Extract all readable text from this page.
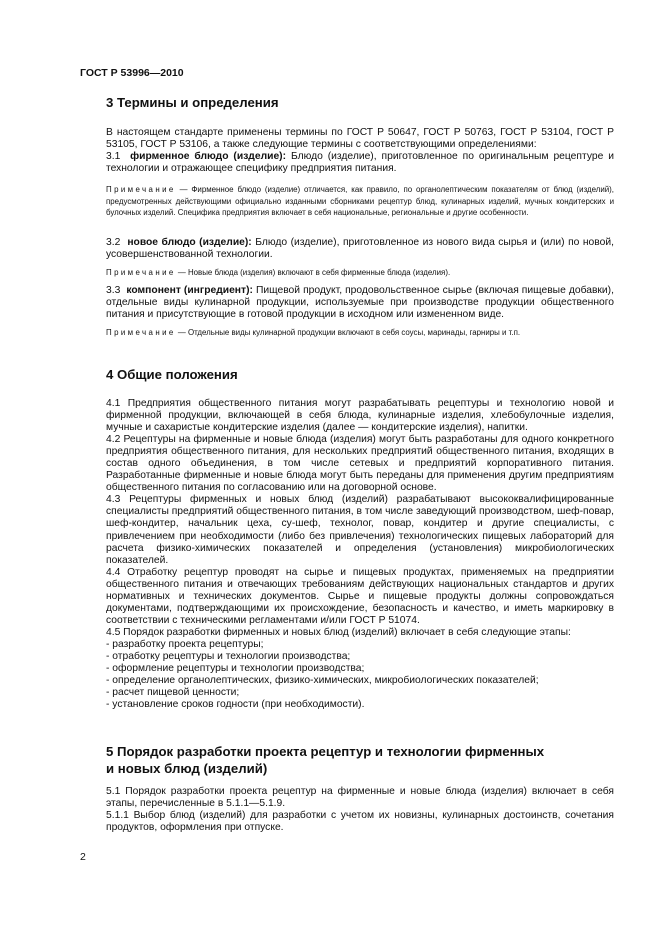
ГОСТ Р 53996—2010
3 Термины и определения

В настоящем стандарте применены термины по ГОСТ Р 50647, ГОСТ Р 50763, ГОСТ Р 53104, ГОСТ Р 53105, ГОСТ Р 53106, а также следующие термины с соответствующими определениями:

3.1 фирменное блюдо (изделие): Блюдо (изделие), приготовленное по оригинальным рецептуре и технологии и отражающее специфику предприятия питания.

Примечание — Фирменное блюдо (изделие) отличается, как правило, по органолептическим показателям от блюд (изделий), предусмотренных действующими официально изданными сборниками рецептур блюд, кулинарных изделий, мучных кондитерских и булочных изделий. Специфика предприятия включает в себя национальные, региональные и другие особенности.

3.2 новое блюдо (изделие): Блюдо (изделие), приготовленное из нового вида сырья и (или) по новой, усовершенствованной технологии.

Примечание — Новые блюда (изделия) включают в себя фирменные блюда (изделия).

3.3 компонент (ингредиент): Пищевой продукт, продовольственное сырье (включая пищевые добавки), отдельные виды кулинарной продукции, используемые при производстве продукции общественного питания и присутствующие в готовой продукции в исходном или измененном виде.

Примечание — Отдельные виды кулинарной продукции включают в себя соусы, маринады, гарниры и т.п.

4 Общие положения

4.1 Предприятия общественного питания могут разрабатывать рецептуры и технологию новой и фирменной продукции, включающей в себя блюда, кулинарные изделия, хлебобулочные изделия, мучные и сахаристые кондитерские изделия (далее — кондитерские изделия), напитки.

4.2 Рецептуры на фирменные и новые блюда (изделия) могут быть разработаны для одного конкретного предприятия общественного питания, для нескольких предприятий общественного питания, входящих в состав одного объединения, в том числе сетевых и предприятий корпоративного питания. Разработанные фирменные и новые блюда могут быть переданы для применения другим предприятиям общественного питания по согласованию или на договорной основе.

4.3 Рецептуры фирменных и новых блюд (изделий) разрабатывают высококвалифицированные специалисты предприятий общественного питания, в том числе заведующий производством, шеф-повар, шеф-кондитер, начальник цеха, су-шеф, технолог, повар, кондитер и другие специалисты, с привлечением при необходимости (либо без привлечения) технологических пищевых лабораторий для расчета физико-химических показателей и определения (установления) микробиологических показателей.

4.4 Отработку рецептур проводят на сырье и пищевых продуктах, применяемых на предприятии общественного питания и отвечающих требованиям действующих национальных стандартов и других нормативных и технических документов. Сырье и пищевые продукты должны сопровождаться документами, подтверждающими их происхождение, безопасность и качество, и иметь маркировку в соответствии с техническими регламентами и/или ГОСТ Р 51074.

4.5 Порядок разработки фирменных и новых блюд (изделий) включает в себя следующие этапы:

- разработку проекта рецептуры;

- отработку рецептуры и технологии производства;

- оформление рецептуры и технологии производства;

- определение органолептических, физико-химических, микробиологических показателей;

- расчет пищевой ценности;

- установление сроков годности (при необходимости).

5 Порядок разработки проекта рецептур и технологии фирменных
и новых блюд (изделий)

5.1 Порядок разработки проекта рецептур на фирменные и новые блюда (изделия) включает в себя этапы, перечисленные в 5.1.1—5.1.9.

5.1.1 Выбор блюд (изделий) для разработки с учетом их новизны, кулинарных достоинств, сочетания продуктов, оформления при отпуске.

2
